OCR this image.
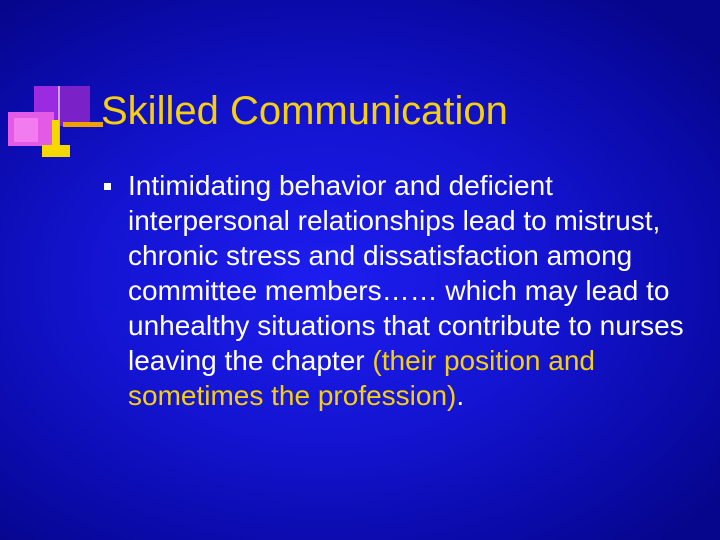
Skilled Communication
Intimidating behavior and deficient interpersonal relationships lead to mistrust, chronic stress and dissatisfaction among committee members…… which may lead to unhealthy situations that contribute to nurses leaving the chapter (their position and sometimes the profession).
